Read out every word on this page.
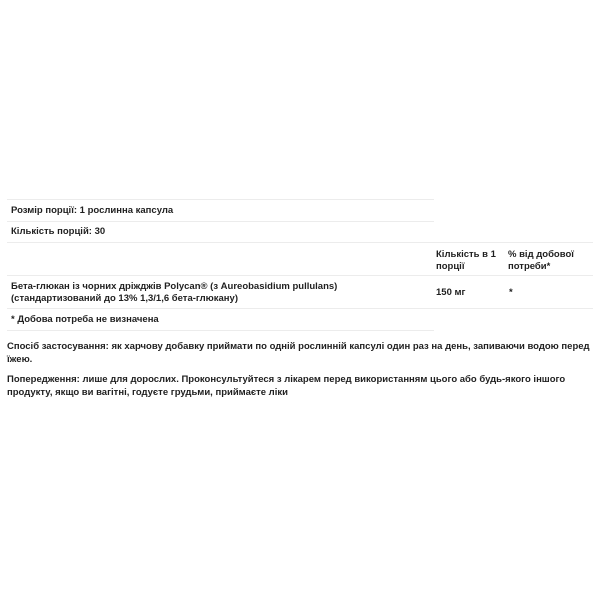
Розмір порції: 1 рослинна капсула
Кількість порцій: 30
Кількість в 1
порції
% від добової
потреби*
Бета-глюкан із чорних дріжджів Polycan® (з Aureobasidium pullulans)
(стандартизований до 13% 1,3/1,6 бета-глюкану)
150 мг	*
* Добова потреба не визначена
Спосіб застосування: як харчову добавку приймати по одній рослинній капсулі один раз на день, запиваючи водою перед їжею.
Попередження: лише для дорослих. Проконсультуйтеся з лікарем перед використанням цього або будь-якого іншого продукту, якщо ви вагітні, годуєте грудьми, приймаєте ліки
